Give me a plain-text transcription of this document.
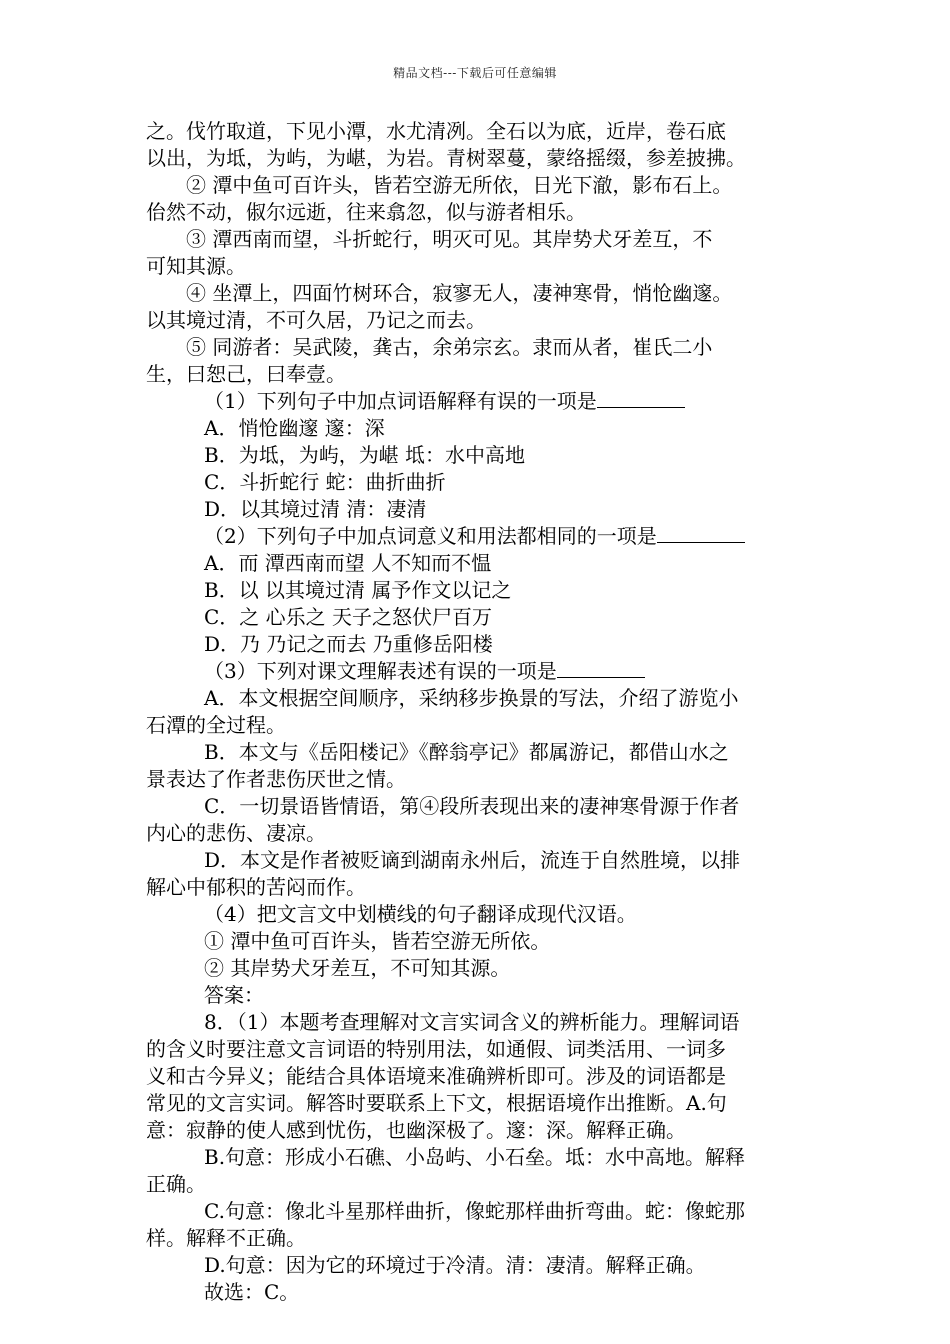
精品文档---下载后可任意编辑

之。伐竹取道，下见小潭，水尤清冽。全石以为底，近岸，卷石底

以出，为坻，为屿，为嵁，为岩。青树翠蔓，蒙络摇缀，参差披拂。

② 潭中鱼可百许头，皆若空游无所依，日光下澈，影布石上。

佁然不动，俶尔远逝，往来翕忽，似与游者相乐。

③ 潭西南而望，斗折蛇行，明灭可见。其岸势犬牙差互，不

可知其源。

④ 坐潭上，四面竹树环合，寂寥无人，凄神寒骨，悄怆幽邃。

以其境过清，不可久居，乃记之而去。

⑤ 同游者：吴武陵，龚古，余弟宗玄。隶而从者，崔氏二小

生，曰恕己，曰奉壹。

（1）下列句子中加点词语解释有误的一项是

A．悄怆幽邃 邃：深

B．为坻，为屿，为嵁 坻：水中高地

C．斗折蛇行 蛇：曲折曲折

D．以其境过清 清：凄清

（2）下列句子中加点词意义和用法都相同的一项是

A．而 潭西南而望 人不知而不愠

B．以 以其境过清 属予作文以记之

C．之 心乐之 天子之怒伏尸百万

D．乃 乃记之而去 乃重修岳阳楼

（3）下列对课文理解表述有误的一项是

A．本文根据空间顺序，采纳移步换景的写法，介绍了游览小

石潭的全过程。

B．本文与《岳阳楼记》《醉翁亭记》都属游记，都借山水之

景表达了作者悲伤厌世之情。

C．一切景语皆情语，第④段所表现出来的凄神寒骨源于作者

内心的悲伤、凄凉。

D．本文是作者被贬谪到湖南永州后，流连于自然胜境，以排

解心中郁积的苦闷而作。

（4）把文言文中划横线的句子翻译成现代汉语。

① 潭中鱼可百许头，皆若空游无所依。

② 其岸势犬牙差互，不可知其源。

答案：

8．（1）本题考查理解对文言实词含义的辨析能力。理解词语

的含义时要注意文言词语的特别用法，如通假、词类活用、一词多

义和古今异义；能结合具体语境来准确辨析即可。涉及的词语都是

常见的文言实词。解答时要联系上下文，根据语境作出推断。A.句

意：寂静的使人感到忧伤，也幽深极了。邃：深。解释正确。

B.句意：形成小石礁、小岛屿、小石垒。坻：水中高地。解释

正确。

C.句意：像北斗星那样曲折，像蛇那样曲折弯曲。蛇：像蛇那

样。解释不正确。

D.句意：因为它的环境过于冷清。清：凄清。解释正确。

故选：C。
